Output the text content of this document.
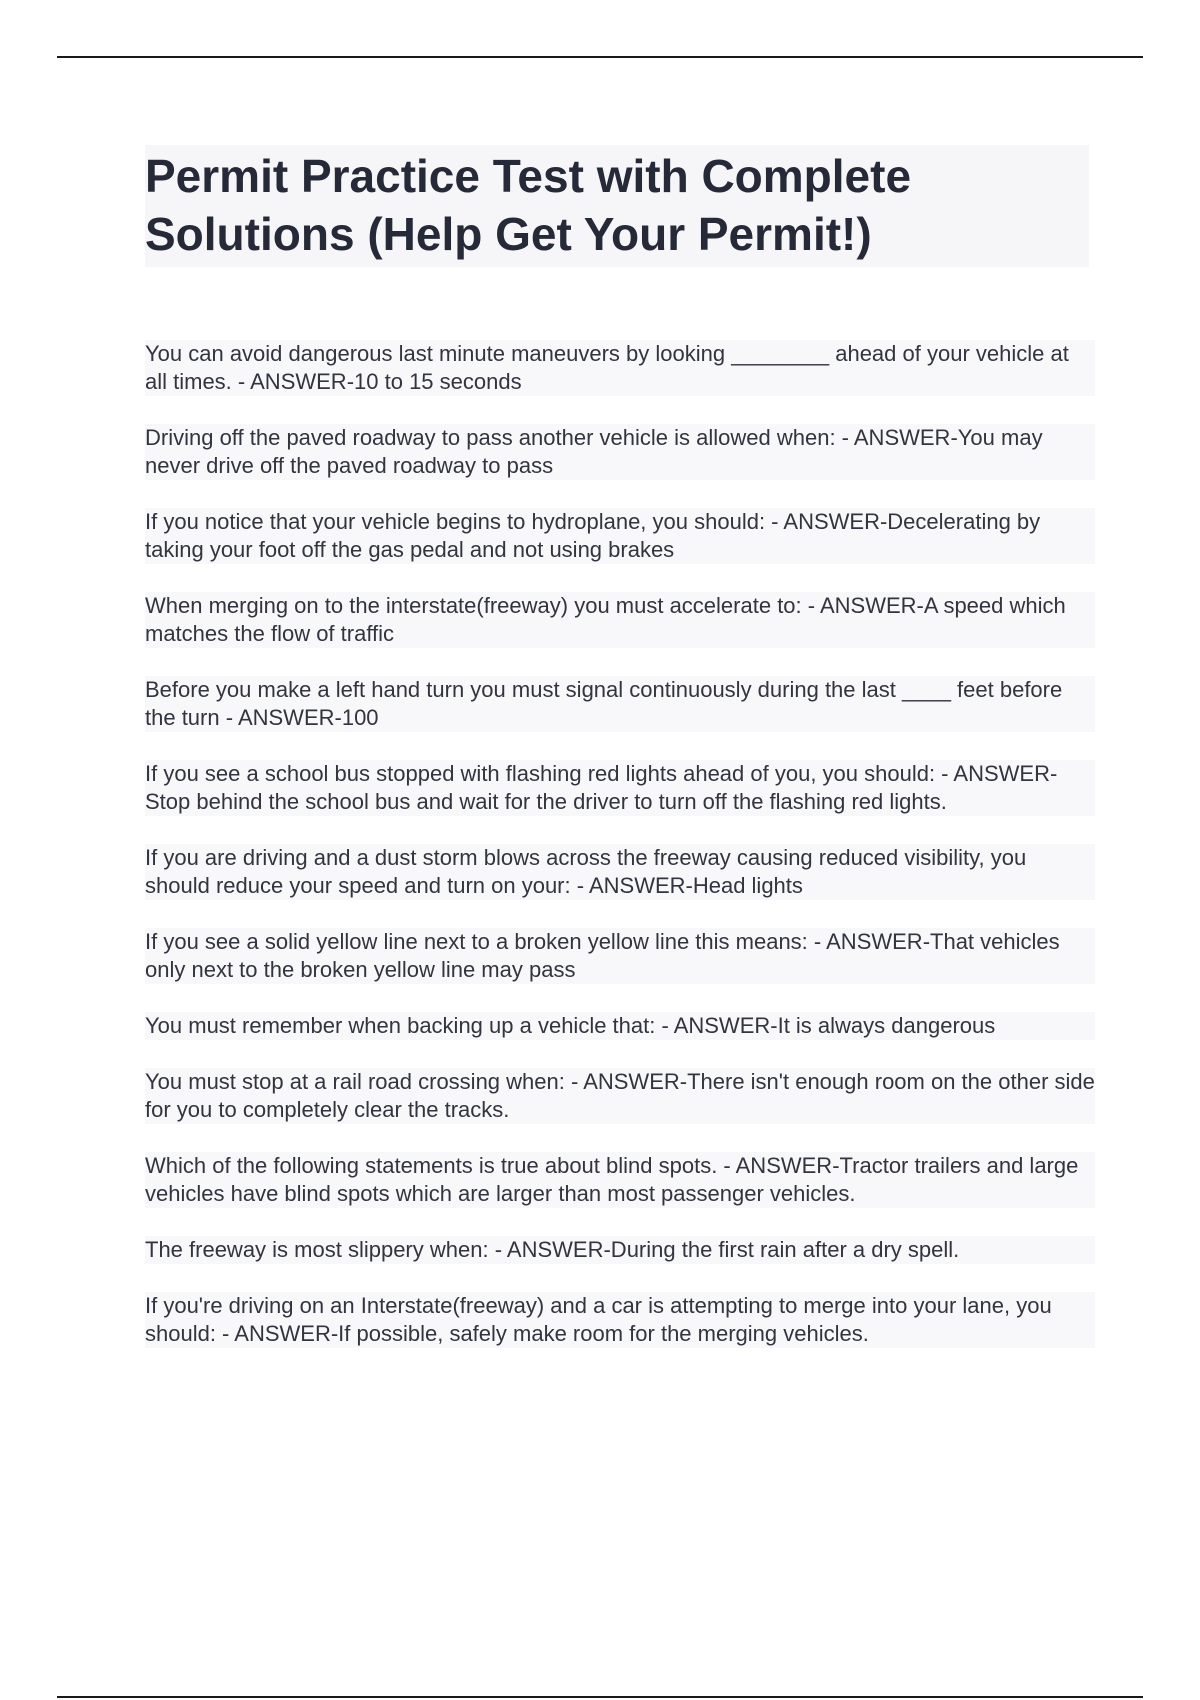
Permit Practice Test with Complete Solutions (Help Get Your Permit!)

You can avoid dangerous last minute maneuvers by looking ________ ahead of your vehicle at all times. - ANSWER-10 to 15 seconds

Driving off the paved roadway to pass another vehicle is allowed when: - ANSWER-You may never drive off the paved roadway to pass

If you notice that your vehicle begins to hydroplane, you should: - ANSWER-Decelerating by taking your foot off the gas pedal and not using brakes

When merging on to the interstate(freeway) you must accelerate to: - ANSWER-A speed which matches the flow of traffic

Before you make a left hand turn you must signal continuously during the last ____ feet before the turn - ANSWER-100

If you see a school bus stopped with flashing red lights ahead of you, you should: - ANSWER-Stop behind the school bus and wait for the driver to turn off the flashing red lights.

If you are driving and a dust storm blows across the freeway causing reduced visibility, you should reduce your speed and turn on your: - ANSWER-Head lights

If you see a solid yellow line next to a broken yellow line this means: - ANSWER-That vehicles only next to the broken yellow line may pass

You must remember when backing up a vehicle that: - ANSWER-It is always dangerous

You must stop at a rail road crossing when: - ANSWER-There isn't enough room on the other side for you to completely clear the tracks.

Which of the following statements is true about blind spots. - ANSWER-Tractor trailers and large vehicles have blind spots which are larger than most passenger vehicles.

The freeway is most slippery when: - ANSWER-During the first rain after a dry spell.

If you're driving on an Interstate(freeway) and a car is attempting to merge into your lane, you should: - ANSWER-If possible, safely make room for the merging vehicles.
